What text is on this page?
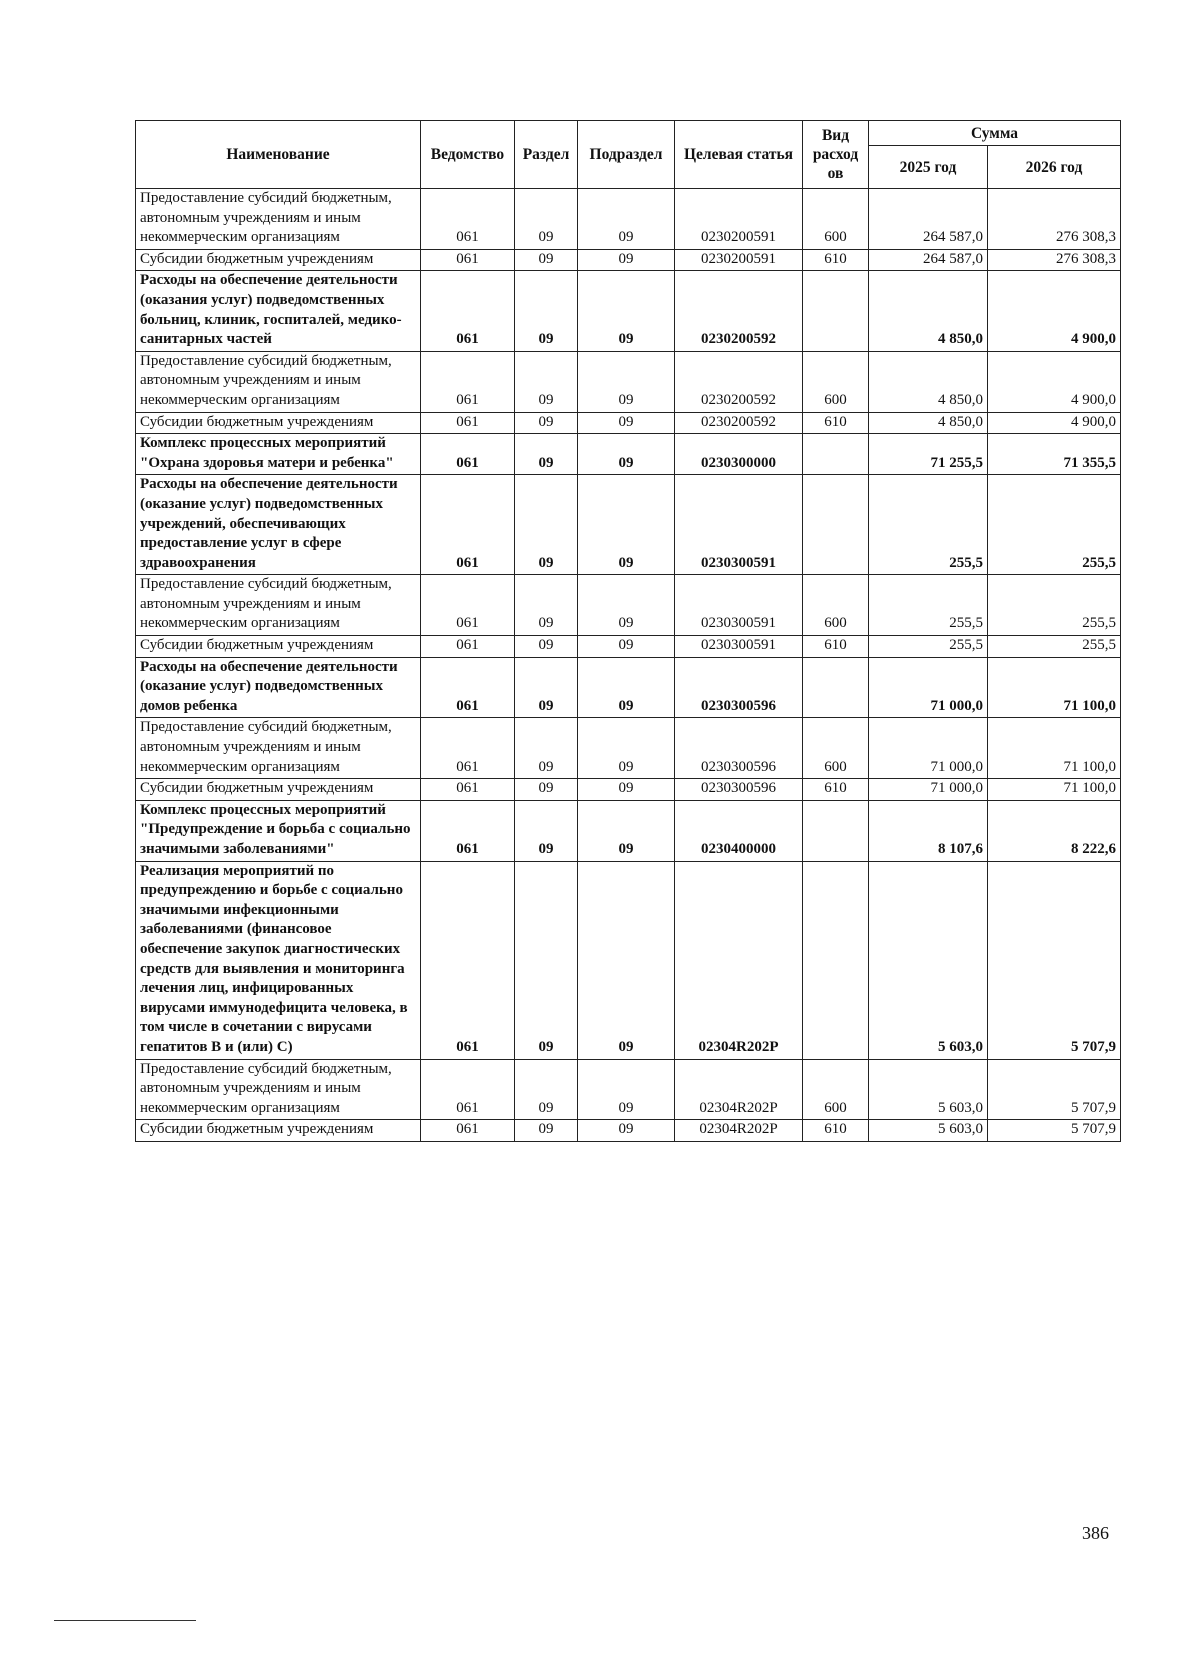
Наименование	Ведомство	Раздел	Подраздел	Целевая статья	Вид расход ов	Сумма	
						2025 год	2026 год
Предоставление субсидий бюджетным, автономным учреждениям и иным некоммерческим организациям	061	09	09	0230200591	600	264 587,0	276 308,3
Субсидии бюджетным учреждениям	061	09	09	0230200591	610	264 587,0	276 308,3
Расходы на обеспечение деятельности (оказания услуг) подведомственных больниц, клиник, госпиталей, медико-санитарных частей	061	09	09	0230200592		4 850,0	4 900,0
Предоставление субсидий бюджетным, автономным учреждениям и иным некоммерческим организациям	061	09	09	0230200592	600	4 850,0	4 900,0
Субсидии бюджетным учреждениям	061	09	09	0230200592	610	4 850,0	4 900,0
Комплекс процессных мероприятий "Охрана здоровья матери и ребенка"	061	09	09	0230300000		71 255,5	71 355,5
Расходы на обеспечение деятельности (оказание услуг) подведомственных учреждений, обеспечивающих предоставление услуг в сфере здравоохранения	061	09	09	0230300591		255,5	255,5
Предоставление субсидий бюджетным, автономным учреждениям и иным некоммерческим организациям	061	09	09	0230300591	600	255,5	255,5
Субсидии бюджетным учреждениям	061	09	09	0230300591	610	255,5	255,5
Расходы на обеспечение деятельности (оказание услуг) подведомственных домов ребенка	061	09	09	0230300596		71 000,0	71 100,0
Предоставление субсидий бюджетным, автономным учреждениям и иным некоммерческим организациям	061	09	09	0230300596	600	71 000,0	71 100,0
Субсидии бюджетным учреждениям	061	09	09	0230300596	610	71 000,0	71 100,0
Комплекс процессных мероприятий "Предупреждение и борьба с социально значимыми заболеваниями"	061	09	09	0230400000		8 107,6	8 222,6
Реализация мероприятий по предупреждению и борьбе с социально значимыми инфекционными заболеваниями (финансовое обеспечение закупок диагностических средств для выявления и мониторинга лечения лиц, инфицированных вирусами иммунодефицита человека, в том числе в сочетании с вирусами гепатитов В и (или) С)	061	09	09	02304R202P		5 603,0	5 707,9
Предоставление субсидий бюджетным, автономным учреждениям и иным некоммерческим организациям	061	09	09	02304R202P	600	5 603,0	5 707,9
Субсидии бюджетным учреждениям	061	09	09	02304R202P	610	5 603,0	5 707,9
386
